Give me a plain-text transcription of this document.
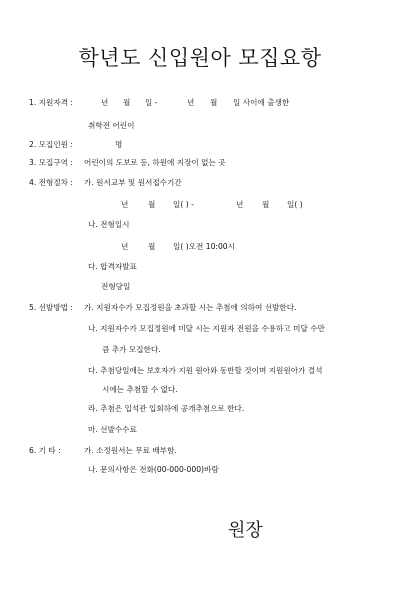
학년도 신입원아 모집요항
1. 지원자격 :	년 월 일 -	년 월 일 사이에 출생한
취학전 어린이
2. 모집인원 :	명
3. 모집구역 : 어린이의 도보로 등, 하원에 지장이 없는 곳
4. 전형절차 : 가. 원서교부 및 원서접수기간
년	월 일( ) -	년 월 일( )
나. 전형일시
년	월 일( )오전 10:00시
다. 합격자발표
전형당일
5. 선발방법 : 가. 지원자수가 모집정원을 초과할 시는 추첨에 의하여 선발한다.
나. 지원자수가 모집정원에 미달 시는 지원자 전원을 수용하고 미달 수만
큼 추가 모집한다.
다. 추첨당일에는 보호자가 지원 원아와 동반할 것이며 지원원아가 결석
시에는 추첨할 수 없다.
라. 추첨은 입석관 입회하에 공개추첨으로 한다.
마. 선발수수료
6. 기 타 :	가. 소정원서는 무료 배부함.
나. 문의사항은 전화(00-000-000)바람
원장
